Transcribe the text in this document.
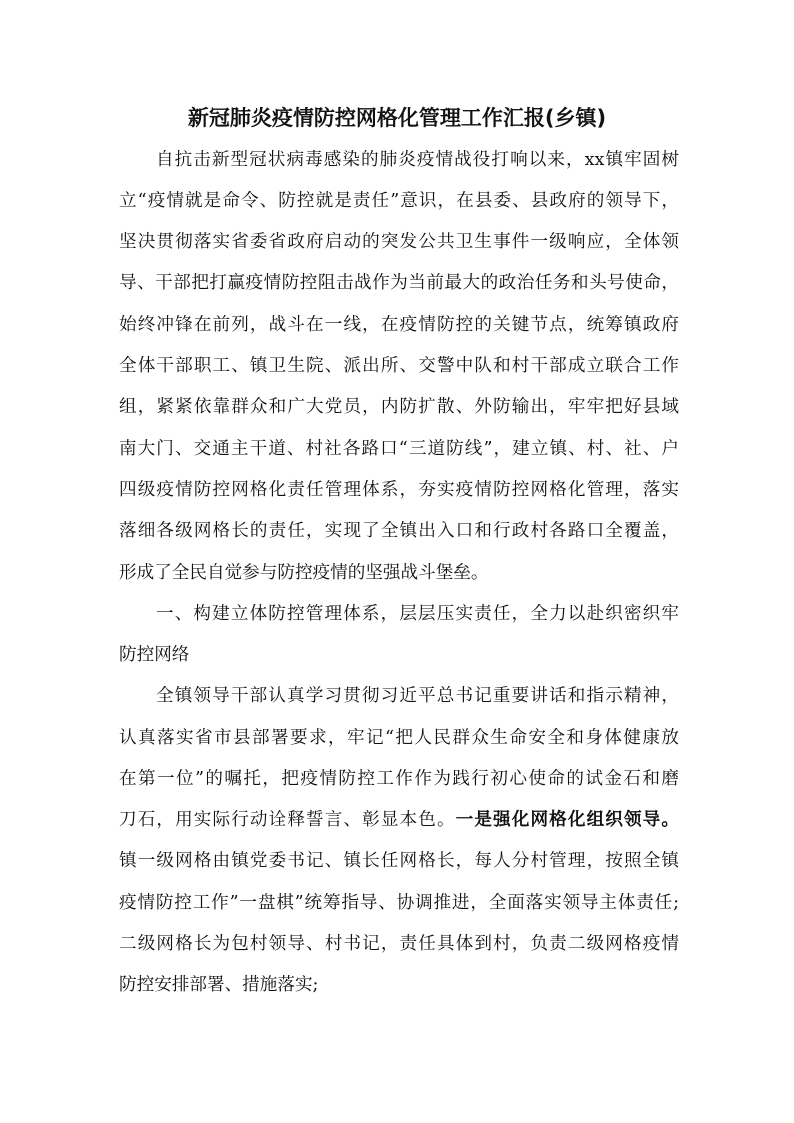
新冠肺炎疫情防控网格化管理工作汇报(乡镇)
自抗击新型冠状病毒感染的肺炎疫情战役打响以来，xx镇牢固树
立“疫情就是命令、防控就是责任”意识，在县委、县政府的领导下，
坚决贯彻落实省委省政府启动的突发公共卫生事件一级响应，全体领
导、干部把打赢疫情防控阻击战作为当前最大的政治任务和头号使命，
始终冲锋在前列，战斗在一线，在疫情防控的关键节点，统筹镇政府
全体干部职工、镇卫生院、派出所、交警中队和村干部成立联合工作
组，紧紧依靠群众和广大党员，内防扩散、外防输出，牢牢把好县域
南大门、交通主干道、村社各路口“三道防线”，建立镇、村、社、户
四级疫情防控网格化责任管理体系，夯实疫情防控网格化管理，落实
落细各级网格长的责任，实现了全镇出入口和行政村各路口全覆盖，
形成了全民自觉参与防控疫情的坚强战斗堡垒。
一、构建立体防控管理体系，层层压实责任，全力以赴织密织牢
防控网络
全镇领导干部认真学习贯彻习近平总书记重要讲话和指示精神，
认真落实省市县部署要求，牢记“把人民群众生命安全和身体健康放
在第一位”的嘱托，把疫情防控工作作为践行初心使命的试金石和磨
刀石，用实际行动诠释誓言、彰显本色。一是强化网格化组织领导。
镇一级网格由镇党委书记、镇长任网格长，每人分村管理，按照全镇
疫情防控工作”一盘棋”统筹指导、协调推进，全面落实领导主体责任;
二级网格长为包村领导、村书记，责任具体到村，负责二级网格疫情
防控安排部署、措施落实;
